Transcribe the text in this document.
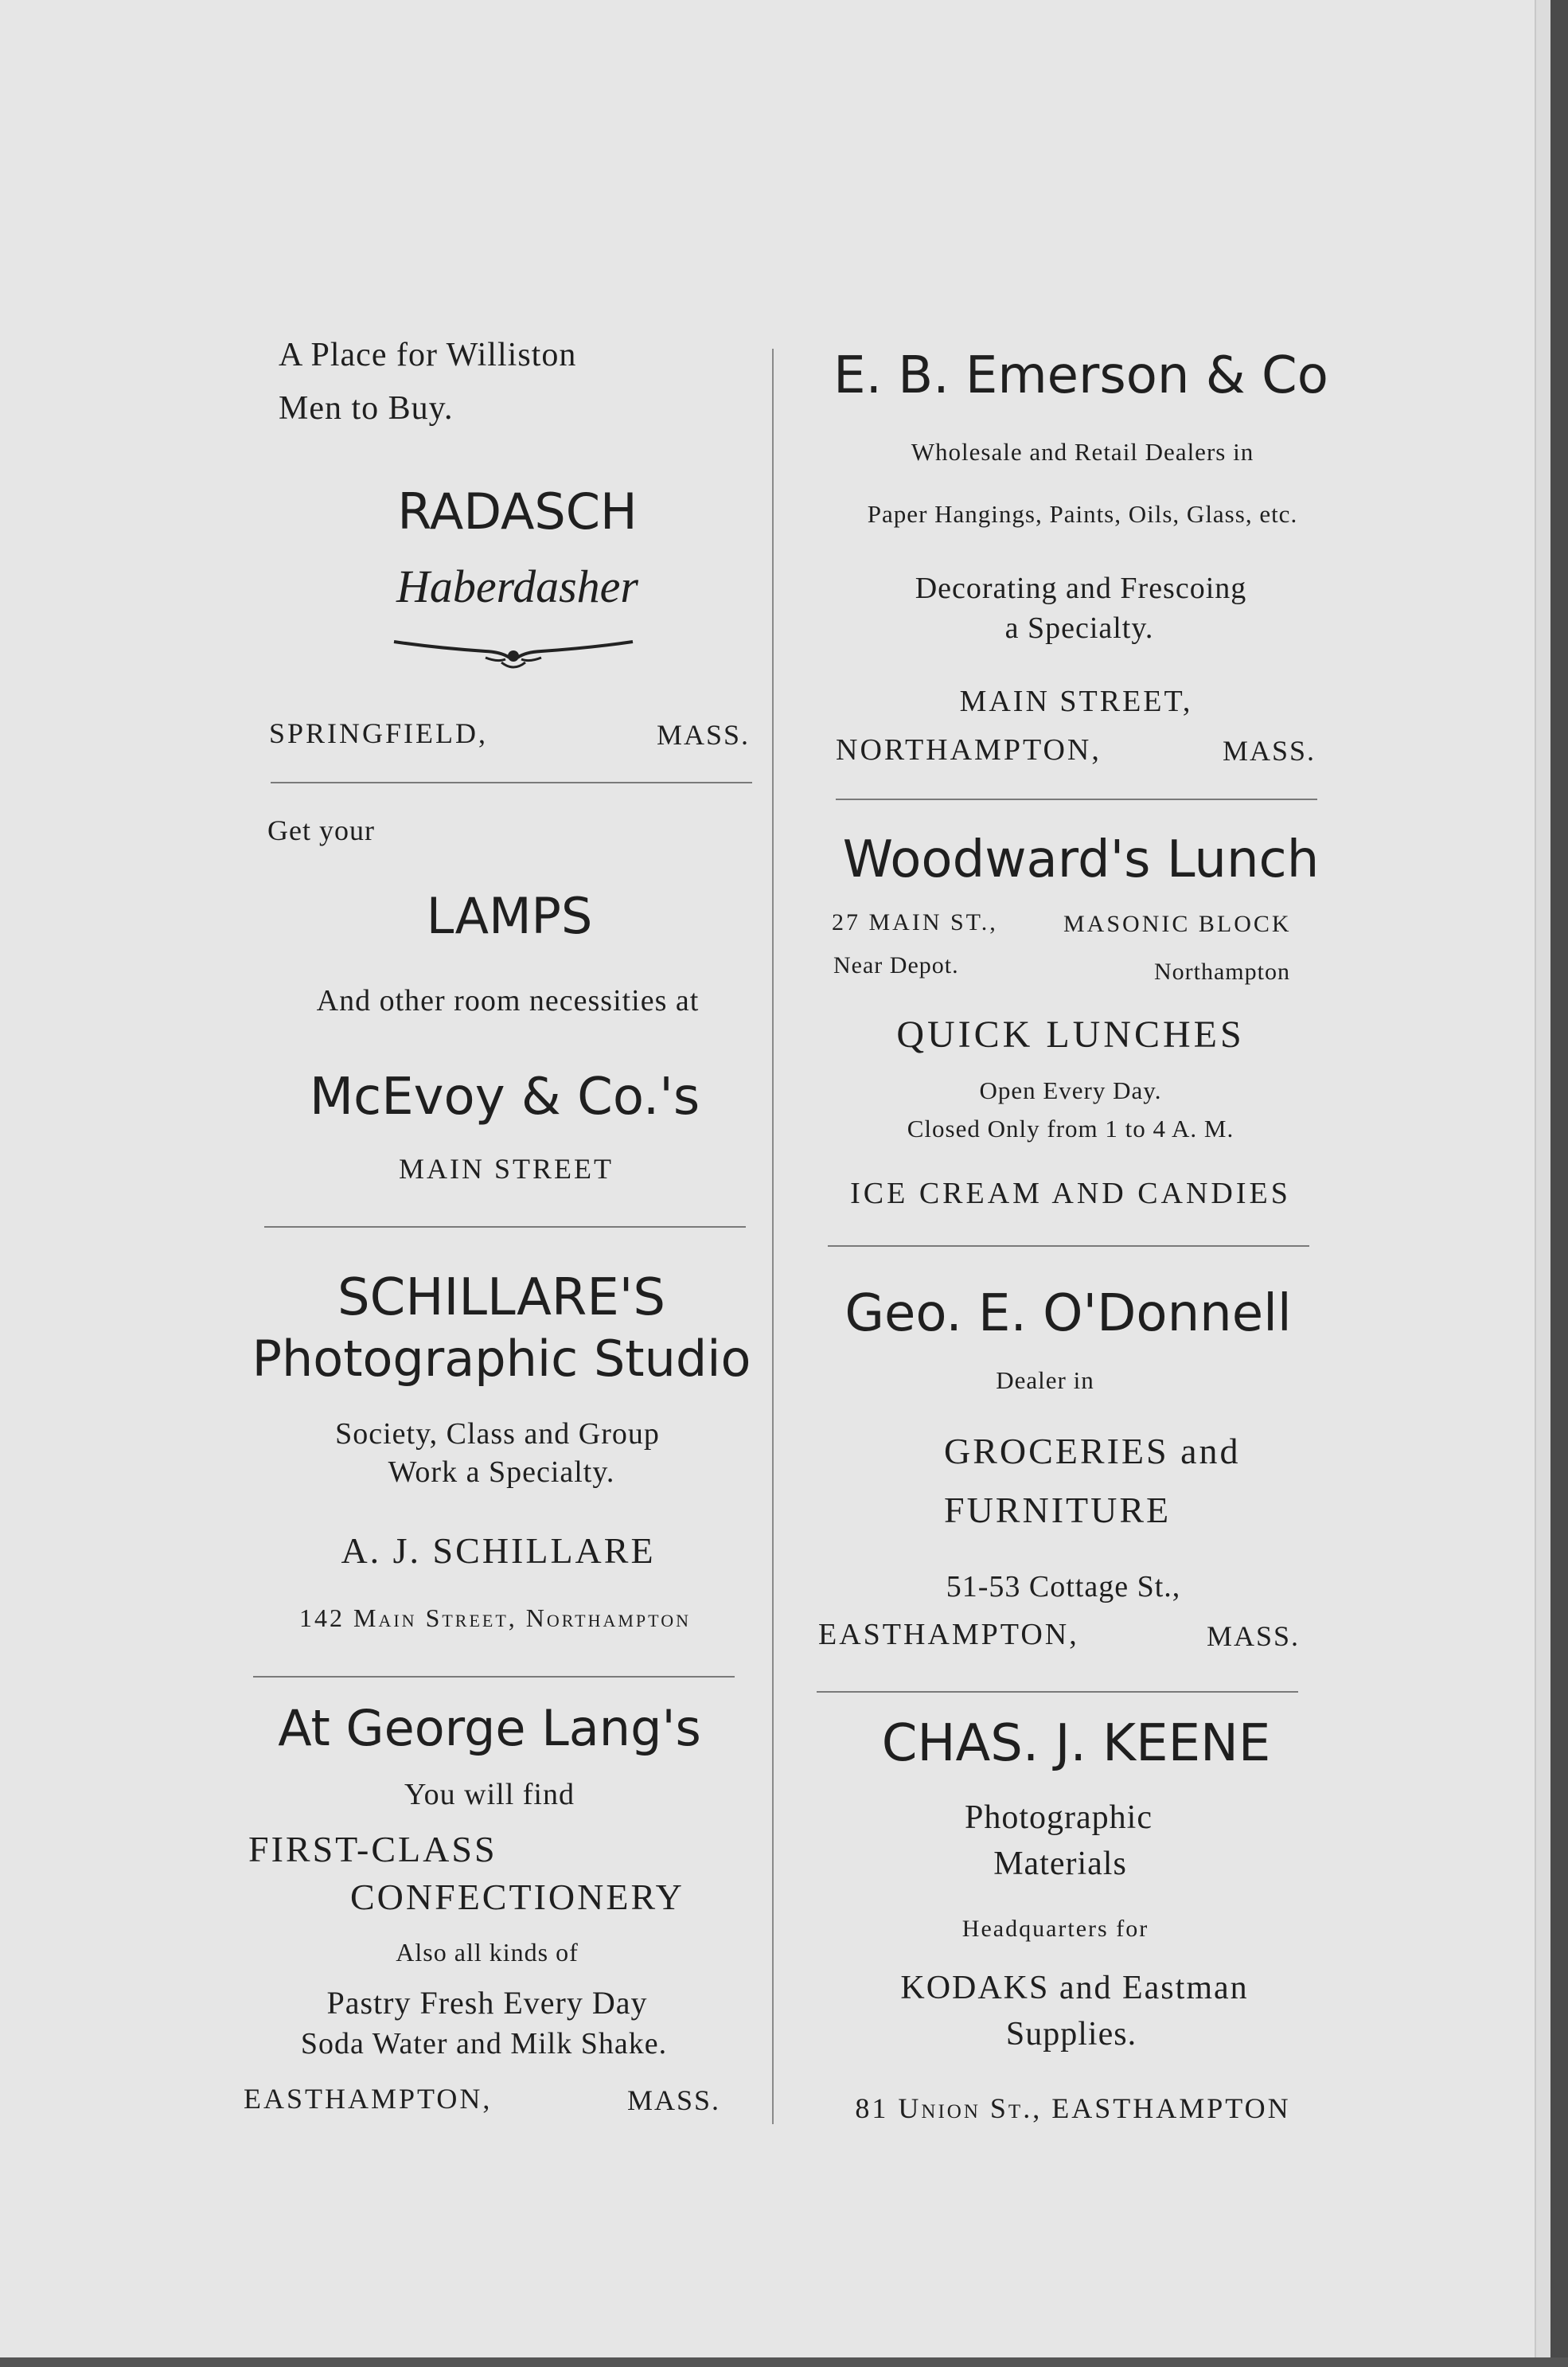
A Place for Williston
Men to Buy.
RADASCH
Haberdasher
SPRINGFIELD,	MASS.
Get your
LAMPS
And other room necessities at
McEvoy & Co.'s
MAIN STREET
SCHILLARE'S
Photographic Studio
Society, Class and Group
Work a Specialty.
A. J. SCHILLARE
142 Main Street, Northampton
At George Lang's
You will find
FIRST-CLASS
CONFECTIONERY
Also all kinds of
Pastry Fresh Every Day
Soda Water and Milk Shake.
EASTHAMPTON,	MASS.
E. B. Emerson & Co
Wholesale and Retail Dealers in
Paper Hangings, Paints, Oils, Glass, etc.
Decorating and Frescoing
a Specialty.
MAIN STREET,
NORTHAMPTON,	MASS.
Woodward's Lunch
27 MAIN ST.,	MASONIC BLOCK
Near Depot.	Northampton
QUICK LUNCHES
Open Every Day.
Closed Only from 1 to 4 A. M.
ICE CREAM AND CANDIES
Geo. E. O'Donnell
Dealer in
GROCERIES and
FURNITURE
51-53 Cottage St.,
EASTHAMPTON,	MASS.
CHAS. J. KEENE
Photographic
Materials
Headquarters for
KODAKS and Eastman
Supplies.
81 Union St., EASTHAMPTON
